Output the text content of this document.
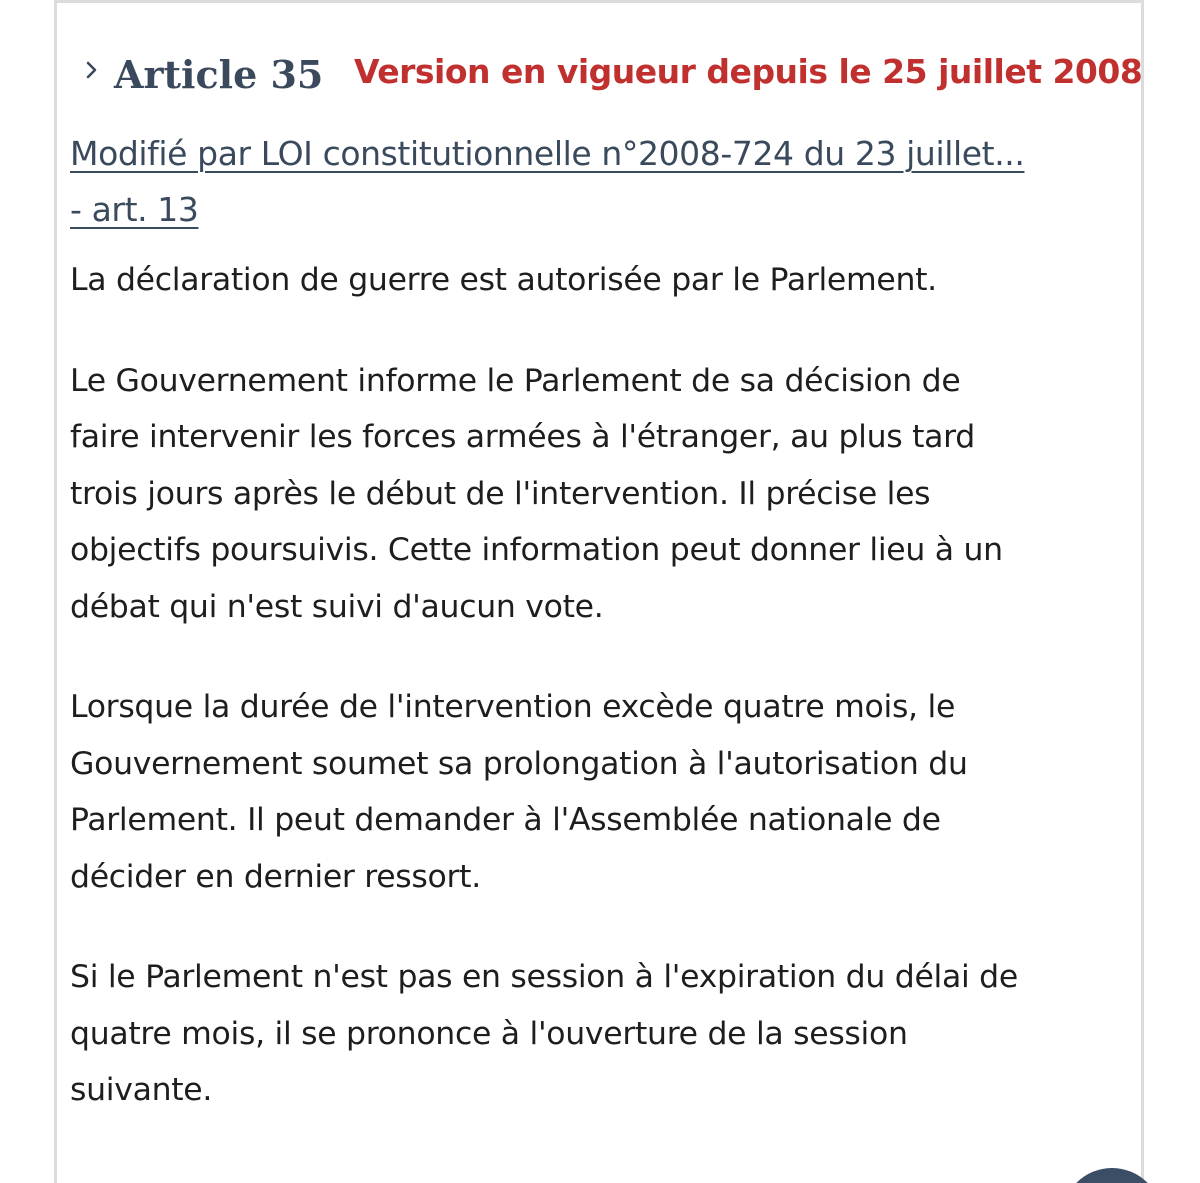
Article 35 Version en vigueur depuis le 25 juillet 2008
Modifié par LOI constitutionnelle n°2008-724 du 23 juillet...
- art. 13

La déclaration de guerre est autorisée par le Parlement.

Le Gouvernement informe le Parlement de sa décision de
faire intervenir les forces armées à l'étranger, au plus tard
trois jours après le début de l'intervention. Il précise les
objectifs poursuivis. Cette information peut donner lieu à un
débat qui n'est suivi d'aucun vote.

Lorsque la durée de l'intervention excède quatre mois, le
Gouvernement soumet sa prolongation à l'autorisation du
Parlement. Il peut demander à l'Assemblée nationale de
décider en dernier ressort.

Si le Parlement n'est pas en session à l'expiration du délai de
quatre mois, il se prononce à l'ouverture de la session
suivante.
